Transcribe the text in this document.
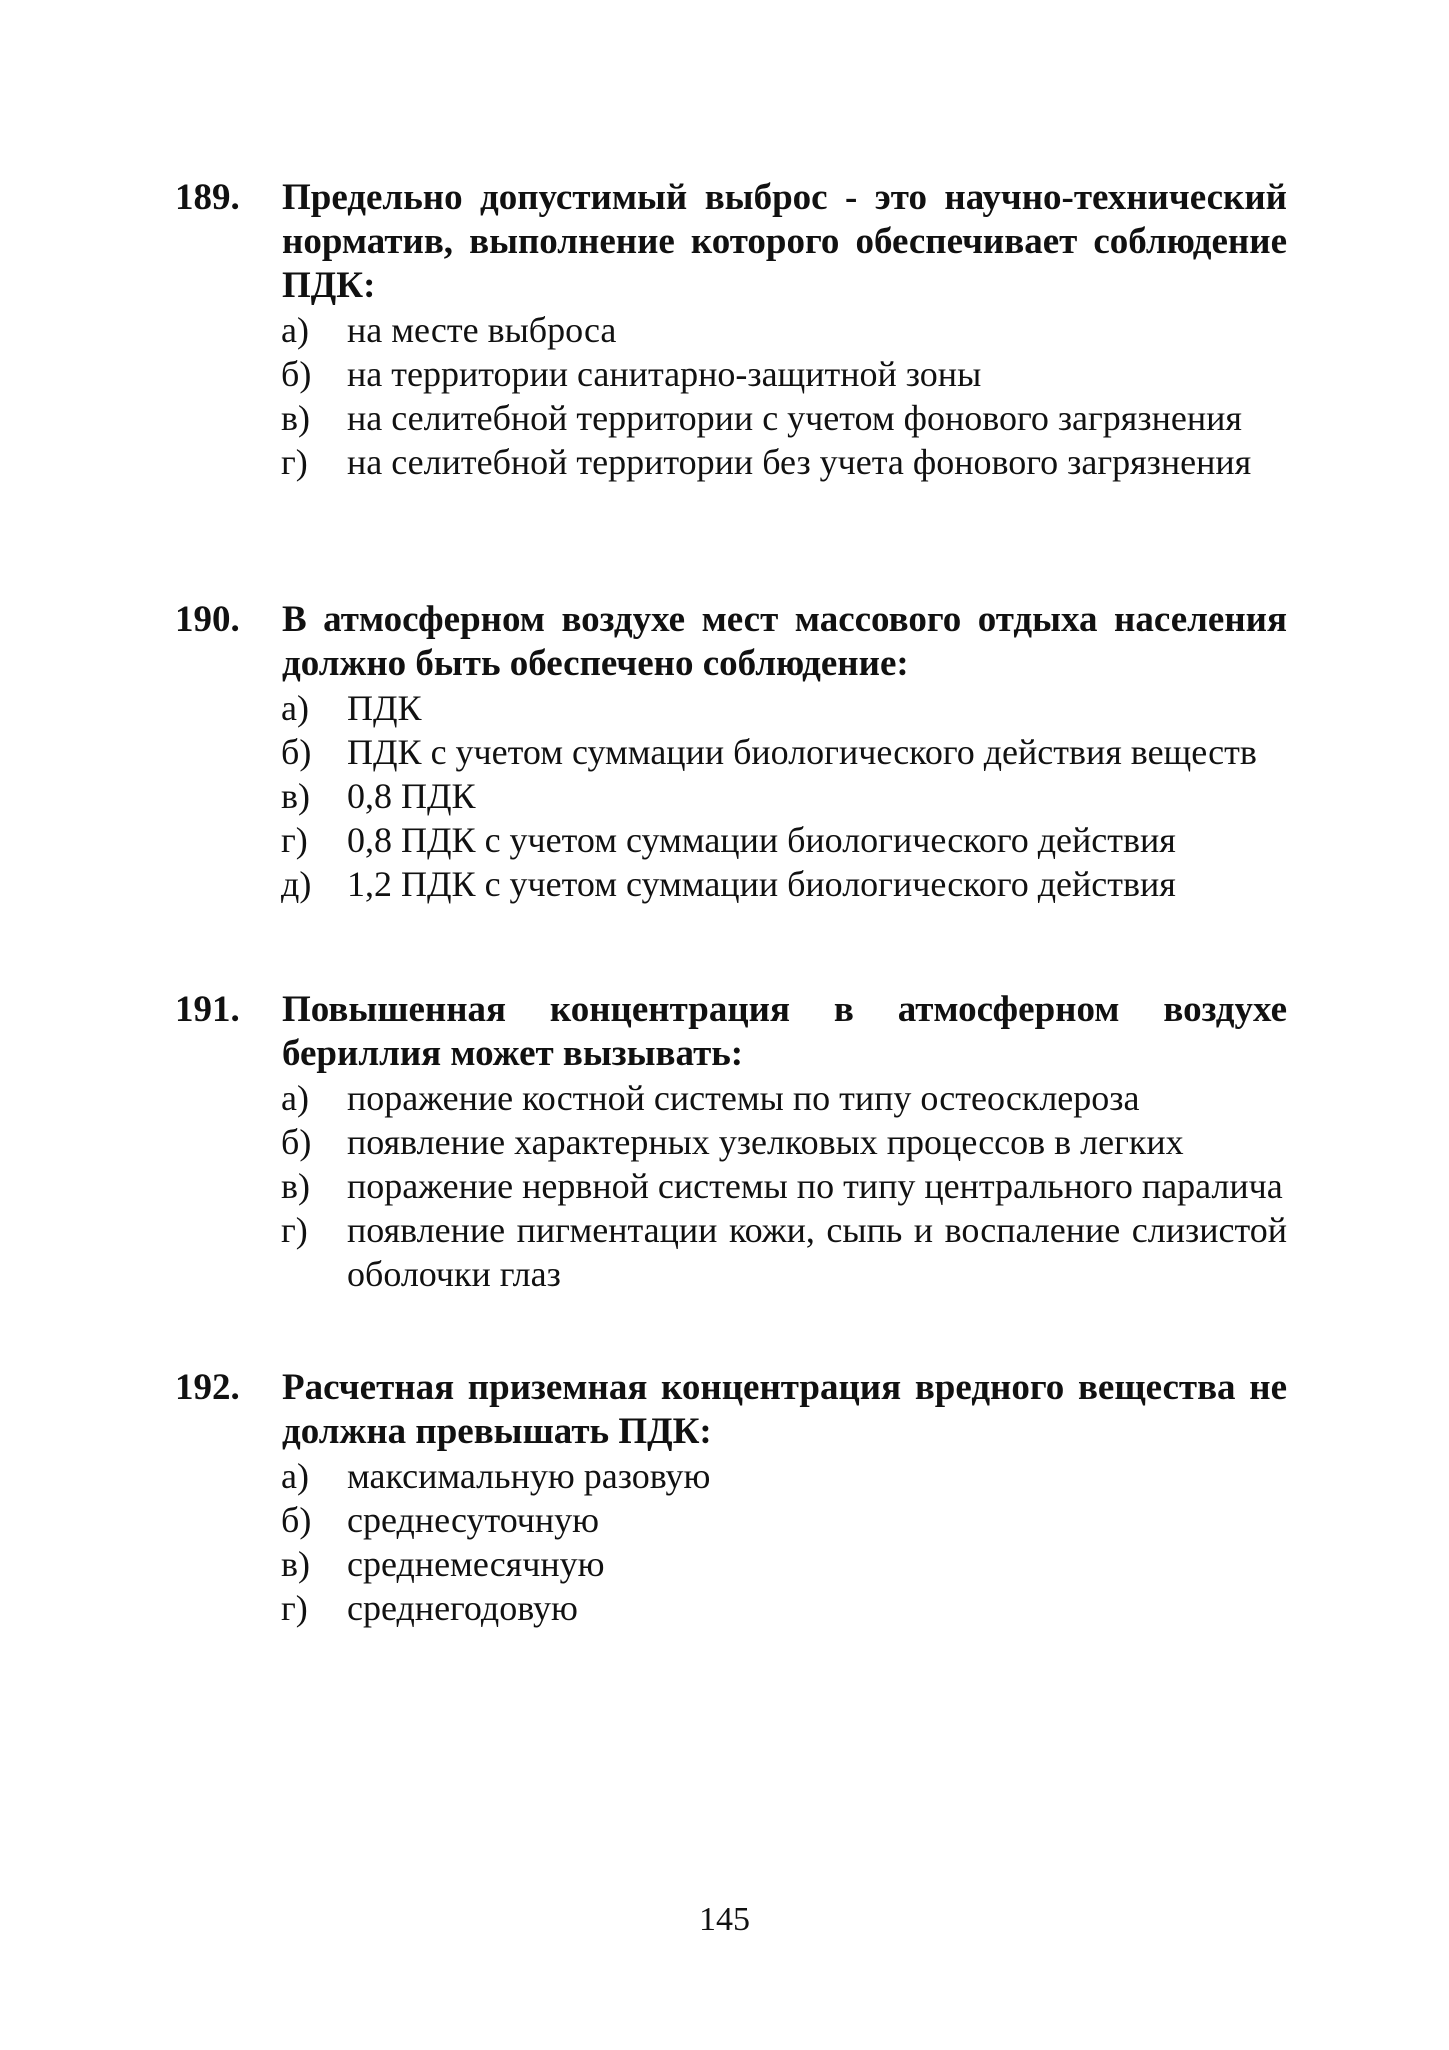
189. Предельно допустимый выброс - это научно-технический норматив, выполнение которого обеспечивает соблюдение ПДК:
а) на месте выброса
б) на территории санитарно-защитной зоны
в) на селитебной территории с учетом фонового загрязнения
г) на селитебной территории без учета фонового загрязнения
190. В атмосферном воздухе мест массового отдыха населения должно быть обеспечено соблюдение:
а) ПДК
б) ПДК с учетом суммации биологического действия веществ
в) 0,8 ПДК
г) 0,8 ПДК с учетом суммации биологического действия
д) 1,2 ПДК с учетом суммации биологического действия
191. Повышенная концентрация в атмосферном воздухе бериллия может вызывать:
а) поражение костной системы по типу остеосклероза
б) появление характерных узелковых процессов в легких
в) поражение нервной системы по типу центрального паралича
г) появление пигментации кожи, сыпь и воспаление слизистой оболочки глаз
192. Расчетная приземная концентрация вредного вещества не должна превышать ПДК:
а) максимальную разовую
б) среднесуточную
в) среднемесячную
г) среднегодовую
145
